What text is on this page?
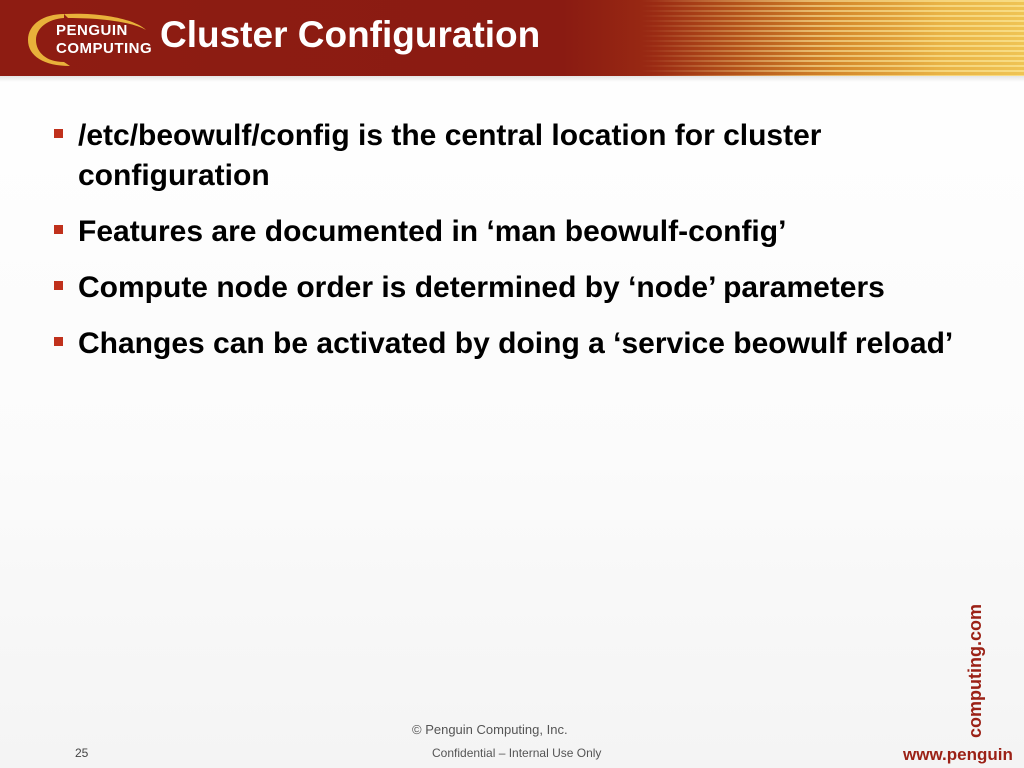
PENGUIN
COMPUTING Cluster Configuration
/etc/beowulf/config is the central location for cluster configuration
Features are documented in ‘man beowulf-config’
Compute node order is determined by ‘node’ parameters
Changes can be activated by doing a ‘service beowulf reload’
© Penguin Computing, Inc.
25	Confidential – Internal Use Only
computing.com
www.penguin
